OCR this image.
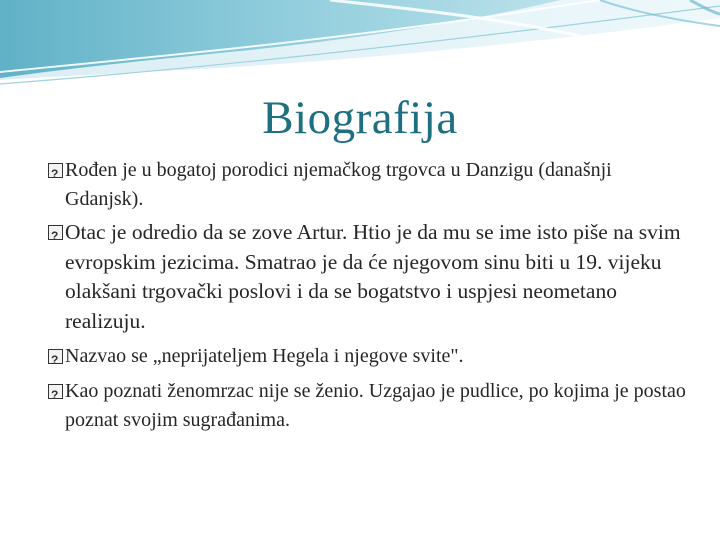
Biografija
?
Rođen je u bogatoj porodici njemačkog trgovca u Danzigu (današnji Gdanjsk).
?
Otac je odredio da se zove Artur. Htio je da mu se ime isto piše na svim evropskim jezicima. Smatrao je da će njegovom sinu biti u 19. vijeku olakšani trgovački poslovi i da se bogatstvo i uspjesi neometano realizuju.
?
Nazvao se „neprijateljem Hegela i njegove svite".
?
Kao poznati ženomrzac nije se ženio. Uzgajao je pudlice, po kojima je postao poznat svojim sugrađanima.
